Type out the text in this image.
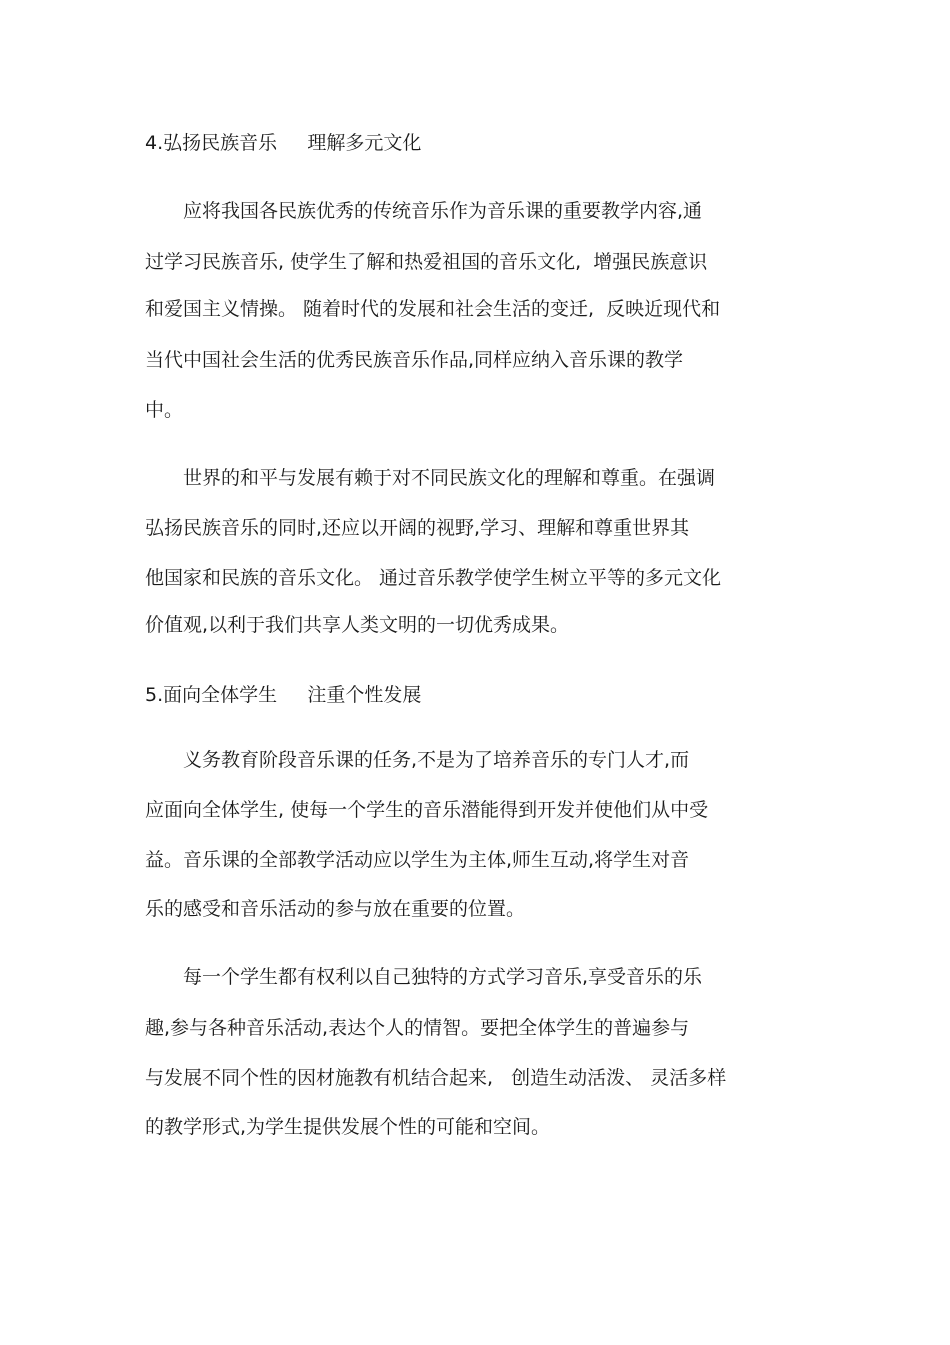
4.弘扬民族音乐     理解多元文化

应将我国各民族优秀的传统音乐作为音乐课的重要教学内容,通

过学习民族音乐, 使学生了解和热爱祖国的音乐文化,  增强民族意识

和爱国主义情操。 随着时代的发展和社会生活的变迁,  反映近现代和

当代中国社会生活的优秀民族音乐作品,同样应纳入音乐课的教学

中。

世界的和平与发展有赖于对不同民族文化的理解和尊重。在强调

弘扬民族音乐的同时,还应以开阔的视野,学习、理解和尊重世界其

他国家和民族的音乐文化。 通过音乐教学使学生树立平等的多元文化

价值观,以利于我们共享人类文明的一切优秀成果。

5.面向全体学生     注重个性发展

义务教育阶段音乐课的任务,不是为了培养音乐的专门人才,而

应面向全体学生, 使每一个学生的音乐潜能得到开发并使他们从中受

益。音乐课的全部教学活动应以学生为主体,师生互动,将学生对音

乐的感受和音乐活动的参与放在重要的位置。

每一个学生都有权利以自己独特的方式学习音乐,享受音乐的乐

趣,参与各种音乐活动,表达个人的情智。要把全体学生的普遍参与

与发展不同个性的因材施教有机结合起来,   创造生动活泼、 灵活多样

的教学形式,为学生提供发展个性的可能和空间。
